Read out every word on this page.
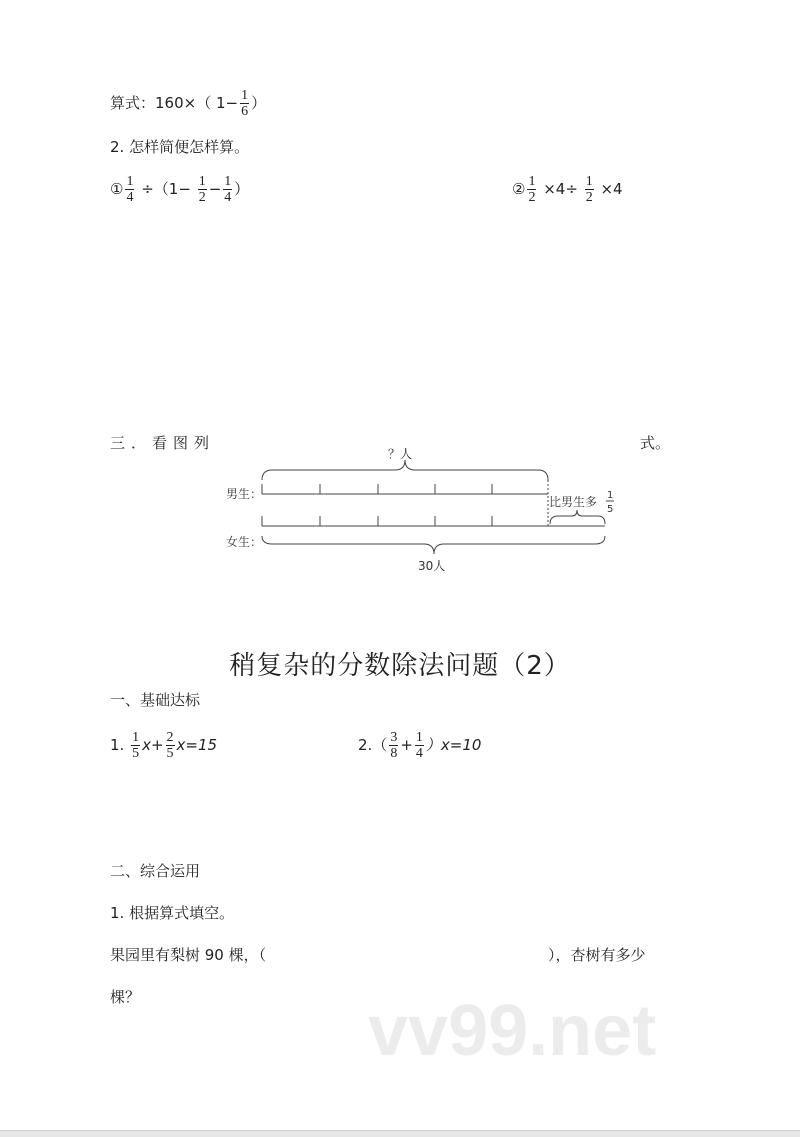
算式：160×（ $1- \frac{1}{6}$ ）
2. 怎样简便怎样算。
① $\frac{1}{4} \div(1- \frac{1}{2} - \frac{1}{4}$ ）	② $\frac{1}{2} \times 4\div \frac{1}{2} \times 4$
三．看图列	式。
？人
男生：
女生：
比男生多 1
5
30人
稍复杂的分数除法问题（2）
一、基础达标
1. $\frac{1}{5} x+ \frac{2}{5} x=15$	$2.( \frac{3}{8} + \frac{1}{4} )x=10$
二、综合运用
1. 根据算式填空。
果园里有梨树 90 棵，（	），杏树有多少
棵？	vv99.net
